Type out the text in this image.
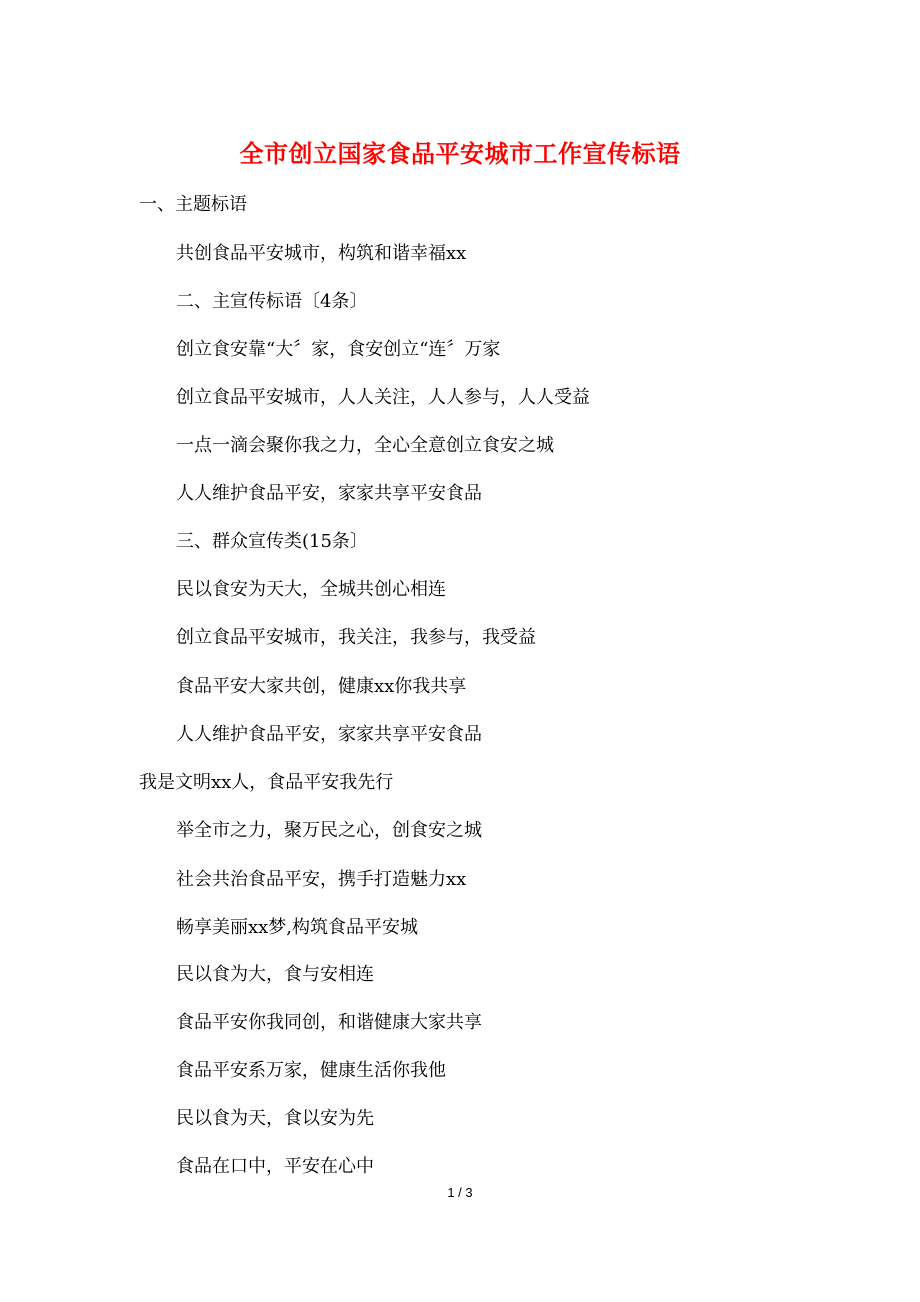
全市创立国家食品平安城市工作宣传标语
一、主题标语
共创食品平安城市，构筑和谐幸福xx
二、主宣传标语〔4条〕
创立食安靠“大〞家，食安创立“连〞万家
创立食品平安城市，人人关注，人人参与，人人受益
一点一滴会聚你我之力，全心全意创立食安之城
人人维护食品平安，家家共享平安食品
三、群众宣传类(15条〕
民以食安为天大，全城共创心相连
创立食品平安城市，我关注，我参与，我受益
食品平安大家共创，健康xx你我共享
人人维护食品平安，家家共享平安食品
我是文明xx人，食品平安我先行
举全市之力，聚万民之心，创食安之城
社会共治食品平安，携手打造魅力xx
畅享美丽xx梦,构筑食品平安城
民以食为大，食与安相连
食品平安你我同创，和谐健康大家共享
食品平安系万家，健康生活你我他
民以食为天，食以安为先
食品在口中，平安在心中
1 / 3
